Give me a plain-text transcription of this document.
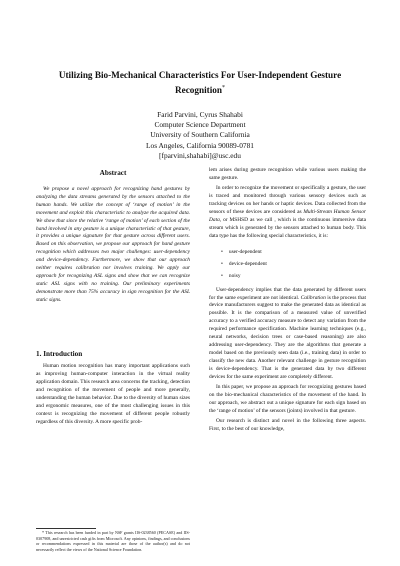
Utilizing Bio-Mechanical Characteristics For User-Independent Gesture Recognition*
Farid Parvini, Cyrus Shahabi
Computer Science Department
University of Southern California
Los Angeles, California 90089-0781
[fparvini,shahabi]@usc.edu
Abstract

We propose a novel approach for recognizing hand gestures by analyzing the data streams generated by the sensors attached to the human hands. We utilize the concept of ‘range of motion’ in the movement and exploit this characteristic to analyze the acquired data. We show that since the relative ‘range of motion’ of each section of the hand involved in any gesture is a unique characteristic of that gesture, it provides a unique signature for that gesture across different users. Based on this observation, we propose our approach for hand gesture recognition which addresses two major challenges: user-dependency and device-dependency. Furthermore, we show that our approach neither requires calibration nor involves training. We apply our approach for recognizing ASL signs and show that we can recognize static ASL signs with no training. Our preliminary experiments demonstrate more than 75% accuracy in sign recognition for the ASL static signs.

1. Introduction

Human motion recognition has many important applications such as improving human-computer interaction in the virtual reality application domain. This research area concerns the tracking, detection and recognition of the movement of people and more generally, understanding the human behavior. Due to the diversity of human sizes and ergonomic measures, one of the most challenging issues in this context is recognizing the movement of different people robustly regardless of this diversity. A more specific prob-

* This research has been funded in part by NSF grants IIS-0238560 (PECASE) and IIS-0307908, and unrestricted cash gifts from Microsoft. Any opinions, findings, and conclusions or recommendations expressed in this material are those of the author(s) and do not necessarily reflect the views of the National Science Foundation.

lem arises during gesture recognition while various users making the same gesture.

In order to recognize the movement or specifically a gesture, the user is traced and monitored through various sensory devices such as tracking devices on her hands or haptic devices. Data collected from the sensors of these devices are considered as Multi-Stream Human Sensor Data, or MSHSD as we call , which is the continuous immersive data stream which is generated by the sensors attached to human body. This data type has the following special characteristics, it is:

• user-dependent
• device-dependent
• noisy

User-dependency implies that the data generated by different users for the same experiment are not identical. Calibration is the process that device manufacturers suggest to make the generated data as identical as possible. It is the comparison of a measured value of unverified accuracy to a verified accuracy measure to detect any variation from the required performance specification. Machine learning techniques (e.g., neural networks, decision trees or case-based reasoning) are also addressing user-dependency. They are the algorithms that generate a model based on the previously seen data (i.e., training data) in order to classify the new data. Another relevant challenge in gesture recognition is device-dependency. That is the generated data by two different devices for the same experiment are completely different.

In this paper, we propose an approach for recognizing gestures based on the bio-mechanical characteristics of the movement of the hand. In our approach, we abstract out a unique signature for each sign based on the ‘range of motion’ of the sensors (joints) involved in that gesture.

Our research is distinct and novel in the following three aspects. First, to the best of our knowledge,
